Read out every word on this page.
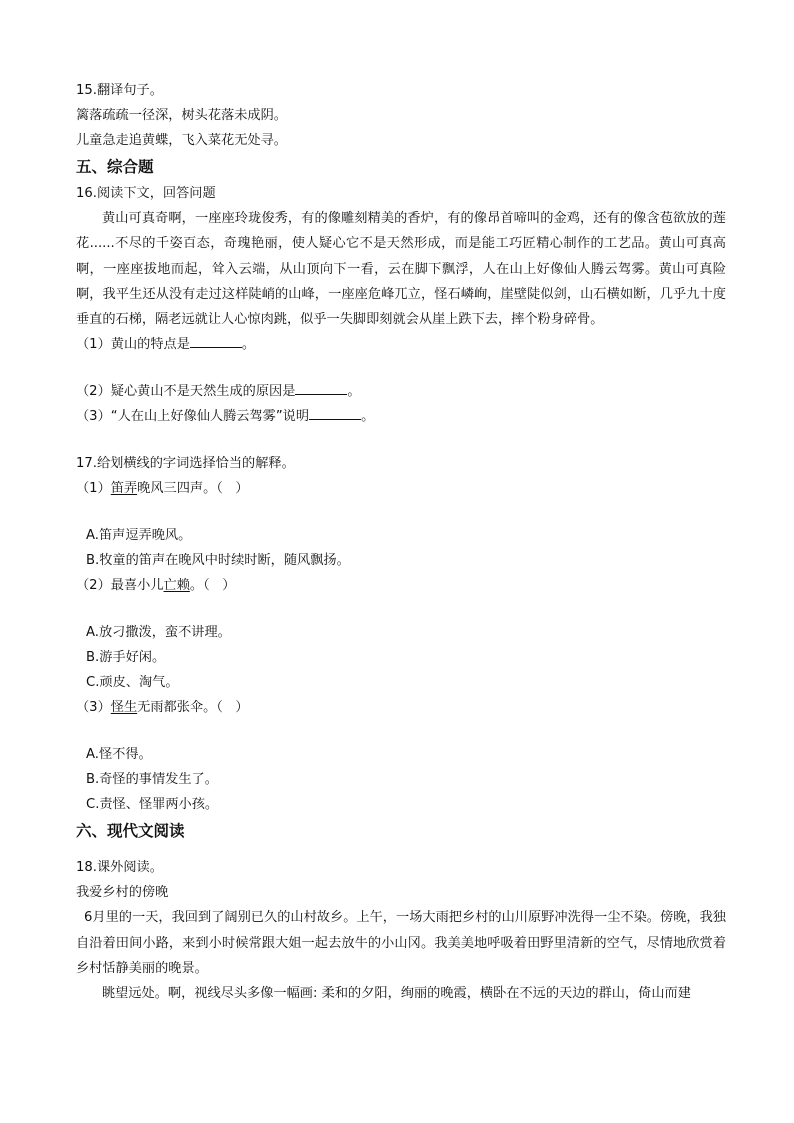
15.翻译句子。
篱落疏疏一径深，树头花落未成阴。
儿童急走追黄蝶，飞入菜花无处寻。
五、综合题
16.阅读下文，回答问题

黄山可真奇啊，一座座玲珑俊秀，有的像雕刻精美的香炉，有的像昂首啼叫的金鸡，还有的像含苞欲放的莲花......不尽的千姿百态，奇瑰艳丽，使人疑心它不是天然形成，而是能工巧匠精心制作的工艺品。黄山可真高啊，一座座拔地而起，耸入云端，从山顶向下一看，云在脚下飘浮，人在山上好像仙人腾云驾雾。黄山可真险啊，我平生还从没有走过这样陡峭的山峰，一座座危峰兀立，怪石嶙峋，崖壁陡似剑，山石横如断，几乎九十度垂直的石梯，隔老远就让人心惊肉跳，似乎一失脚即刻就会从崖上跌下去，摔个粉身碎骨。

（1）黄山的特点是	。
（2）疑心黄山不是天然生成的原因是	。
（3）“人在山上好像仙人腾云驾雾”说明	。
17.给划横线的字词选择恰当的解释。
（1）笛弄晚风三四声。（   ）
A.笛声逗弄晚风。
B.牧童的笛声在晚风中时续时断，随风飘扬。
（2）最喜小儿亡赖。（   ）
A.放刁撒泼，蛮不讲理。
B.游手好闲。
C.顽皮、淘气。
（3）怪生无雨都张伞。（   ）
A.怪不得。
B.奇怪的事情发生了。
C.责怪、怪罪两小孩。
六、现代文阅读
18.课外阅读。
我爱乡村的傍晚

6月里的一天，我回到了阔别已久的山村故乡。上午，一场大雨把乡村的山川原野冲洗得一尘不染。傍晚，我独自沿着田间小路，来到小时候常跟大姐一起去放牛的小山冈。我美美地呼吸着田野里清新的空气，尽情地欣赏着乡村恬静美丽的晚景。

眺望远处。啊，视线尽头多像一幅画: 柔和的夕阳，绚丽的晚霞，横卧在不远的天边的群山，倚山而建
